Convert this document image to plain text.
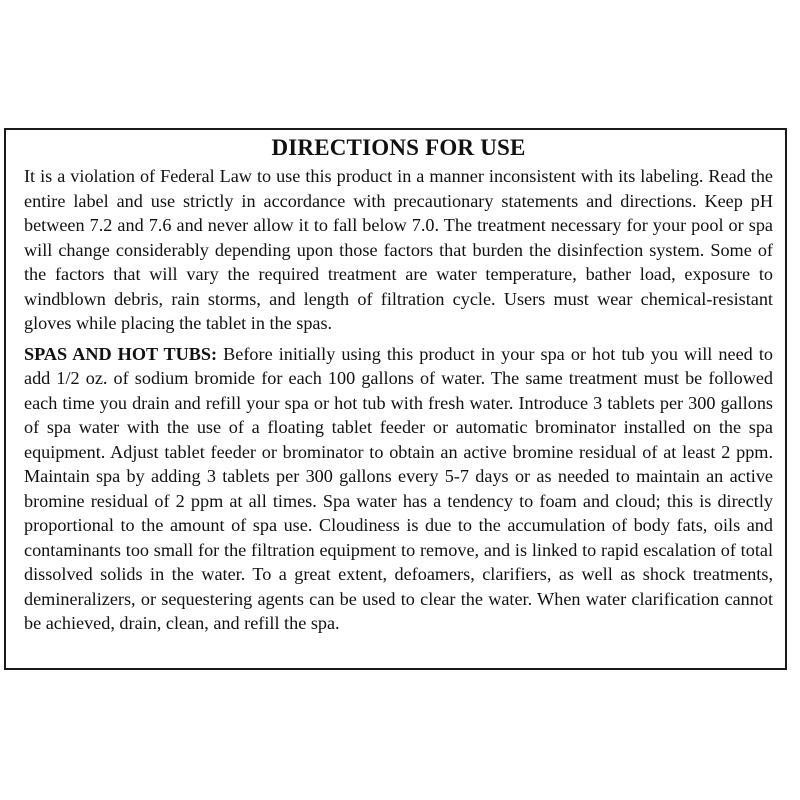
DIRECTIONS FOR USE

It is a violation of Federal Law to use this product in a manner inconsistent with its labeling. Read the entire label and use strictly in accordance with precautionary statements and directions. Keep pH between 7.2 and 7.6 and never allow it to fall below 7.0. The treatment necessary for your pool or spa will change considerably depending upon those factors that burden the disinfection system. Some of the factors that will vary the required treatment are water temperature, bather load, exposure to windblown debris, rain storms, and length of filtration cycle. Users must wear chemical-resistant gloves while placing the tablet in the spas.

SPAS AND HOT TUBS: Before initially using this product in your spa or hot tub you will need to add 1/2 oz. of sodium bromide for each 100 gallons of water. The same treatment must be followed each time you drain and refill your spa or hot tub with fresh water. Introduce 3 tablets per 300 gallons of spa water with the use of a floating tablet feeder or automatic brominator installed on the spa equipment. Adjust tablet feeder or brominator to obtain an active bromine residual of at least 2 ppm. Maintain spa by adding 3 tablets per 300 gallons every 5-7 days or as needed to maintain an active bromine residual of 2 ppm at all times. Spa water has a tendency to foam and cloud; this is directly proportional to the amount of spa use. Cloudiness is due to the accumulation of body fats, oils and contaminants too small for the filtration equipment to remove, and is linked to rapid escalation of total dissolved solids in the water. To a great extent, defoamers, clarifiers, as well as shock treatments, demineralizers, or sequestering agents can be used to clear the water. When water clarification cannot be achieved, drain, clean, and refill the spa.
